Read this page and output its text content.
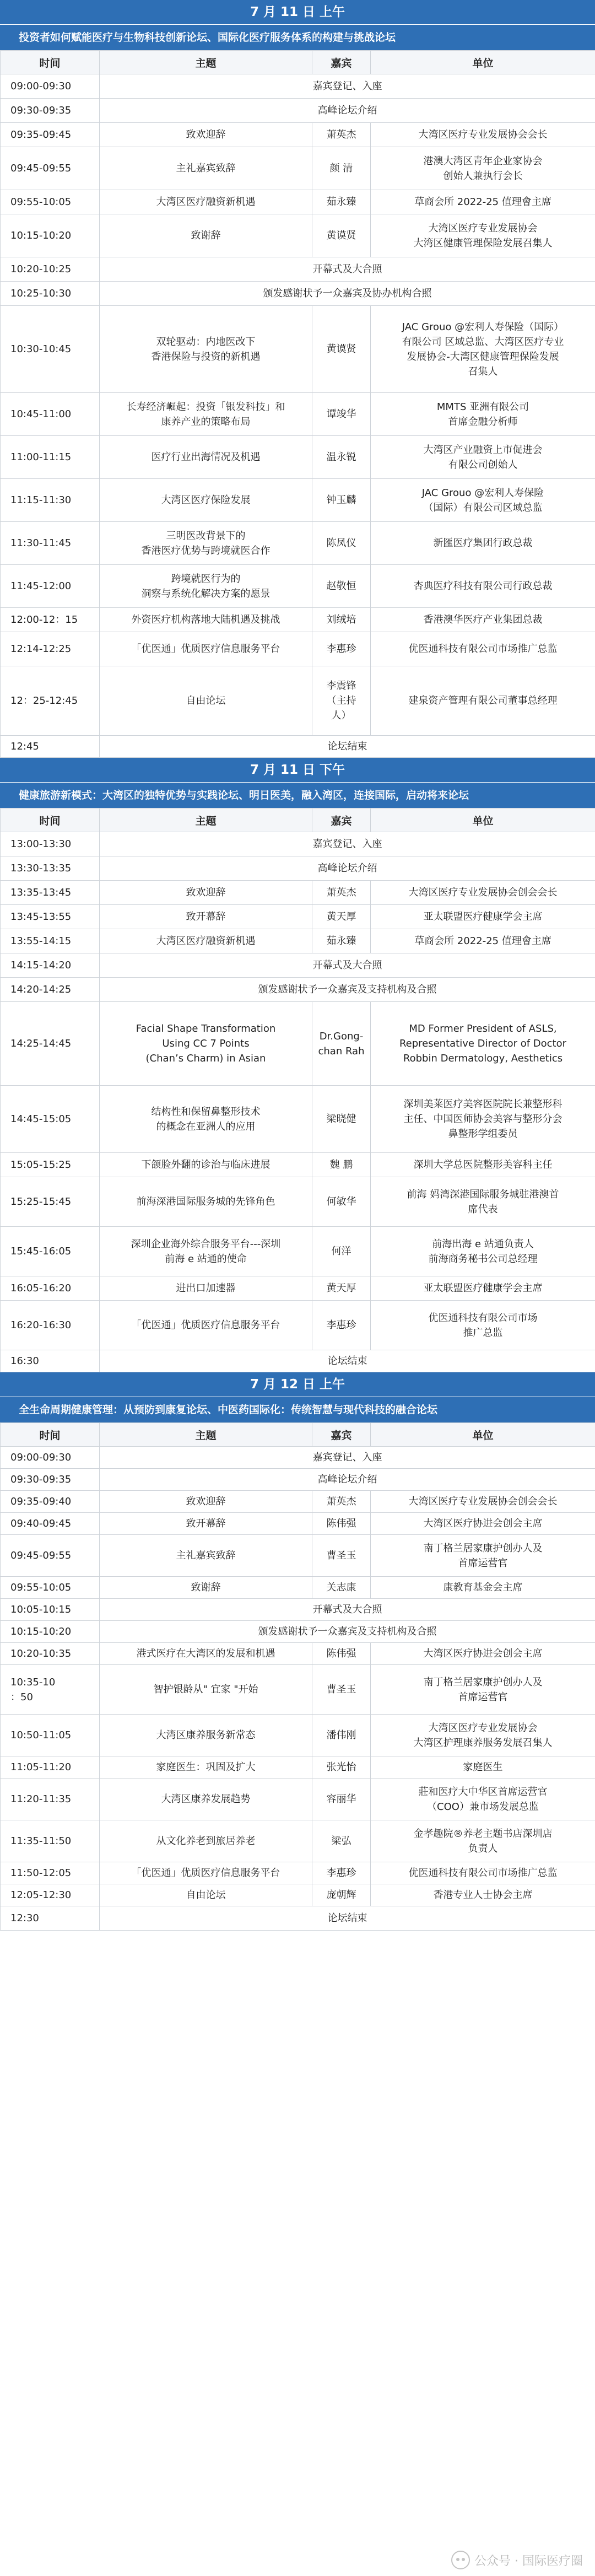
7 月 11 日 上午
投资者如何赋能医疗与生物科技创新论坛、国际化医疗服务体系的构建与挑战论坛
时间	主题	嘉宾	单位
09:00-09:30	嘉宾登记、入座		
09:30-09:35	高峰论坛介绍		
09:35-09:45	致欢迎辞	萧英杰	大湾区医疗专业发展协会会长
09:45-09:55	主礼嘉宾致辞	颜 清	港澳大湾区青年企业家协会
创始人兼执行会长
09:55-10:05	大湾区医疗融资新机遇	茹永臻	草商会所 2022-25 值理會主席
10:15-10:20	致谢辞	黄谟贤	大湾区医疗专业发展协会
大湾区健康管理保险发展召集人
10:20-10:25	开幕式及大合照		
10:25-10:30	颁发感谢状予一众嘉宾及协办机构合照		
10:30-10:45	双轮驱动：内地医改下
香港保险与投资的新机遇	黄谟贤	JAC Grouo @宏利人寿保险（国际）
有限公司 区域总监、大湾区医疗专业
发展协会-大湾区健康管理保险发展
召集人
10:45-11:00	长寿经济崛起：投资「银发科技」和
康养产业的策略布局	谭竣华	MMTS 亚洲有限公司
首席金融分析师
11:00-11:15	医疗行业出海情况及机遇	温永锐	大湾区产业融资上市促进会
有限公司创始人
11:15-11:30	大湾区医疗保险发展	钟玉麟	JAC Grouo @宏利人寿保险
（国际）有限公司区域总监
11:30-11:45	三明医改背景下的
香港医疗优势与跨境就医合作	陈凤仪	新匯医疗集团行政总裁
11:45-12:00	跨境就医行为的
洞察与系统化解决方案的愿景	赵敬恒	杏典医疗科技有限公司行政总裁
12:00-12：15	外资医疗机构落地大陆机遇及挑战	刘绒培	香港澳华医疗产业集团总裁
12:14-12:25	「优医通」优质医疗信息服务平台	李惠珍	优医通科技有限公司市场推广总监
12：25-12:45	自由论坛	李震锋
（主持
人）	建泉资产管理有限公司董事总经理
12:45	论坛结束		
7 月 11 日 下午
健康旅游新模式：大湾区的独特优势与实践论坛、明日医美，融入湾区，连接国际，启动将来论坛
时间	主题	嘉宾	单位
13:00-13:30	嘉宾登记、入座		
13:30-13:35	高峰论坛介绍		
13:35-13:45	致欢迎辞	萧英杰	大湾区医疗专业发展协会创会会长
13:45-13:55	致开幕辞	黄天厚	亚太联盟医疗健康学会主席
13:55-14:15	大湾区医疗融资新机遇	茹永臻	草商会所 2022-25 值理會主席
14:15-14:20	开幕式及大合照		
14:20-14:25	颁发感谢状予一众嘉宾及支持机构及合照		
14:25-14:45	Facial Shape Transformation
Using CC 7 Points
(Chan’s Charm) in Asian	Dr.Gong-
chan Rah	MD Former President of ASLS,
Representative Director of Doctor
Robbin Dermatology, Aesthetics
14:45-15:05	结构性和保留鼻整形技术
的概念在亚洲人的应用	梁晓健	深圳美莱医疗美容医院院长兼整形科
主任、中国医师协会美容与整形分会
鼻整形学组委员
15:05-15:25	下颌脸外翻的诊治与临床进展	魏 鹏	深圳大学总医院整形美容科主任
15:25-15:45	前海深港国际服务城的先锋角色	何敏华	前海 妈湾深港国际服务城驻港澳首
席代表
15:45-16:05	深圳企业海外综合服务平台---深圳
前海 e 站通的使命	何洋	前海出海 e 站通负责人
前海商务秘书公司总经理
16:05-16:20	进出口加速器	黄天厚	亚太联盟医疗健康学会主席
16:20-16:30	「优医通」优质医疗信息服务平台	李惠珍	优医通科技有限公司市场
推广总监
16:30	论坛结束		
7 月 12 日 上午
全生命周期健康管理：从预防到康复论坛、中医药国际化：传统智慧与现代科技的融合论坛
时间	主题	嘉宾	单位
09:00-09:30	嘉宾登记、入座		
09:30-09:35	高峰论坛介绍		
09:35-09:40	致欢迎辞	萧英杰	大湾区医疗专业发展协会创会会长
09:40-09:45	致开幕辞	陈伟强	大湾区医疗协进会创会主席
09:45-09:55	主礼嘉宾致辞	曹圣玉	南丁格兰居家康护创办人及
首席运营官
09:55-10:05	致谢辞	关志康	康教育基金会主席
10:05-10:15	开幕式及大合照		
10:15-10:20	颁发感谢状予一众嘉宾及支持机构及合照		
10:20-10:35	港式医疗在大湾区的发展和机遇	陈伟强	大湾区医疗协进会创会主席
10:35-10
：50	智护银龄从" 宜家 "开始	曹圣玉	南丁格兰居家康护创办人及
首席运营官
10:50-11:05	大湾区康养服务新常态	潘伟刚	大湾区医疗专业发展协会
大湾区护理康养服务发展召集人
11:05-11:20	家庭医生：巩固及扩大	张光怡	家庭医生
11:20-11:35	大湾区康养发展趋势	容丽华	莊和医疗大中华区首席运营官
（COO）兼市场发展总监
11:35-11:50	从文化养老到旅居养老	梁弘	金孝趣院®养老主题书店深圳店
负责人
11:50-12:05	「优医通」优质医疗信息服务平台	李惠珍	优医通科技有限公司市场推广总监
12:05-12:30	自由论坛	庞朝辉	香港专业人士协会主席
12:30	论坛结束		
公众号 · 国际医疗圈
